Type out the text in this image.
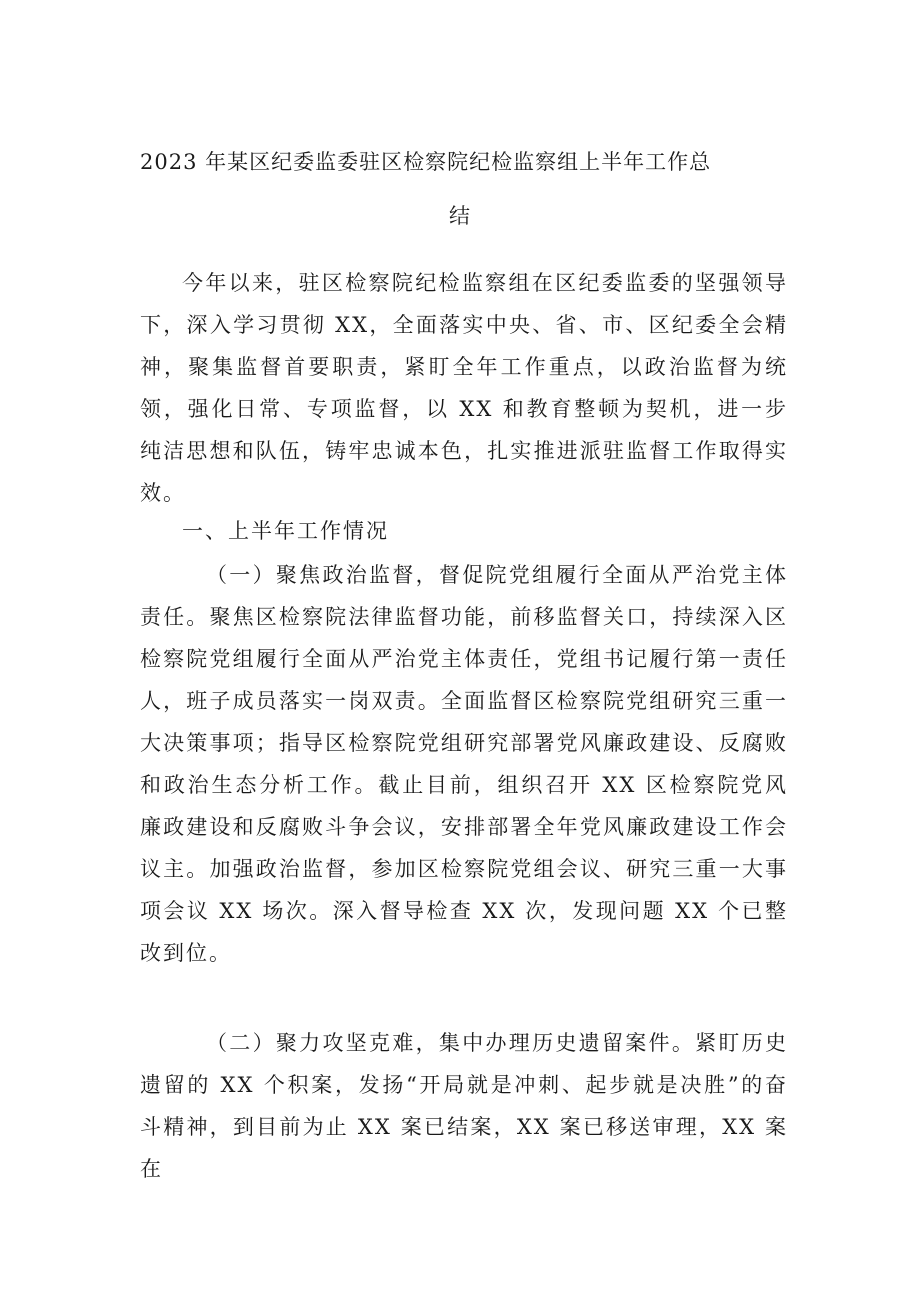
2023 年某区纪委监委驻区检察院纪检监察组上半年工作总
结
今年以来，驻区检察院纪检监察组在区纪委监委的坚强领导下，深入学习贯彻 XX，全面落实中央、省、市、区纪委全会精神，聚集监督首要职责，紧盯全年工作重点，以政治监督为统领，强化日常、专项监督，以 XX 和教育整顿为契机，进一步纯洁思想和队伍，铸牢忠诚本色，扎实推进派驻监督工作取得实效。
一、上半年工作情况
（一）聚焦政治监督，督促院党组履行全面从严治党主体责任。聚焦区检察院法律监督功能，前移监督关口，持续深入区检察院党组履行全面从严治党主体责任，党组书记履行第一责任人，班子成员落实一岗双责。全面监督区检察院党组研究三重一大决策事项；指导区检察院党组研究部署党风廉政建设、反腐败和政治生态分析工作。截止目前，组织召开 XX 区检察院党风廉政建设和反腐败斗争会议，安排部署全年党风廉政建设工作会议主。加强政治监督，参加区检察院党组会议、研究三重一大事项会议 XX 场次。深入督导检查 XX 次，发现问题 XX 个已整改到位。
（二）聚力攻坚克难，集中办理历史遗留案件。紧盯历史遗留的 XX 个积案，发扬“开局就是冲刺、起步就是决胜”的奋斗精神，到目前为止 XX 案已结案，XX 案已移送审理，XX 案在
